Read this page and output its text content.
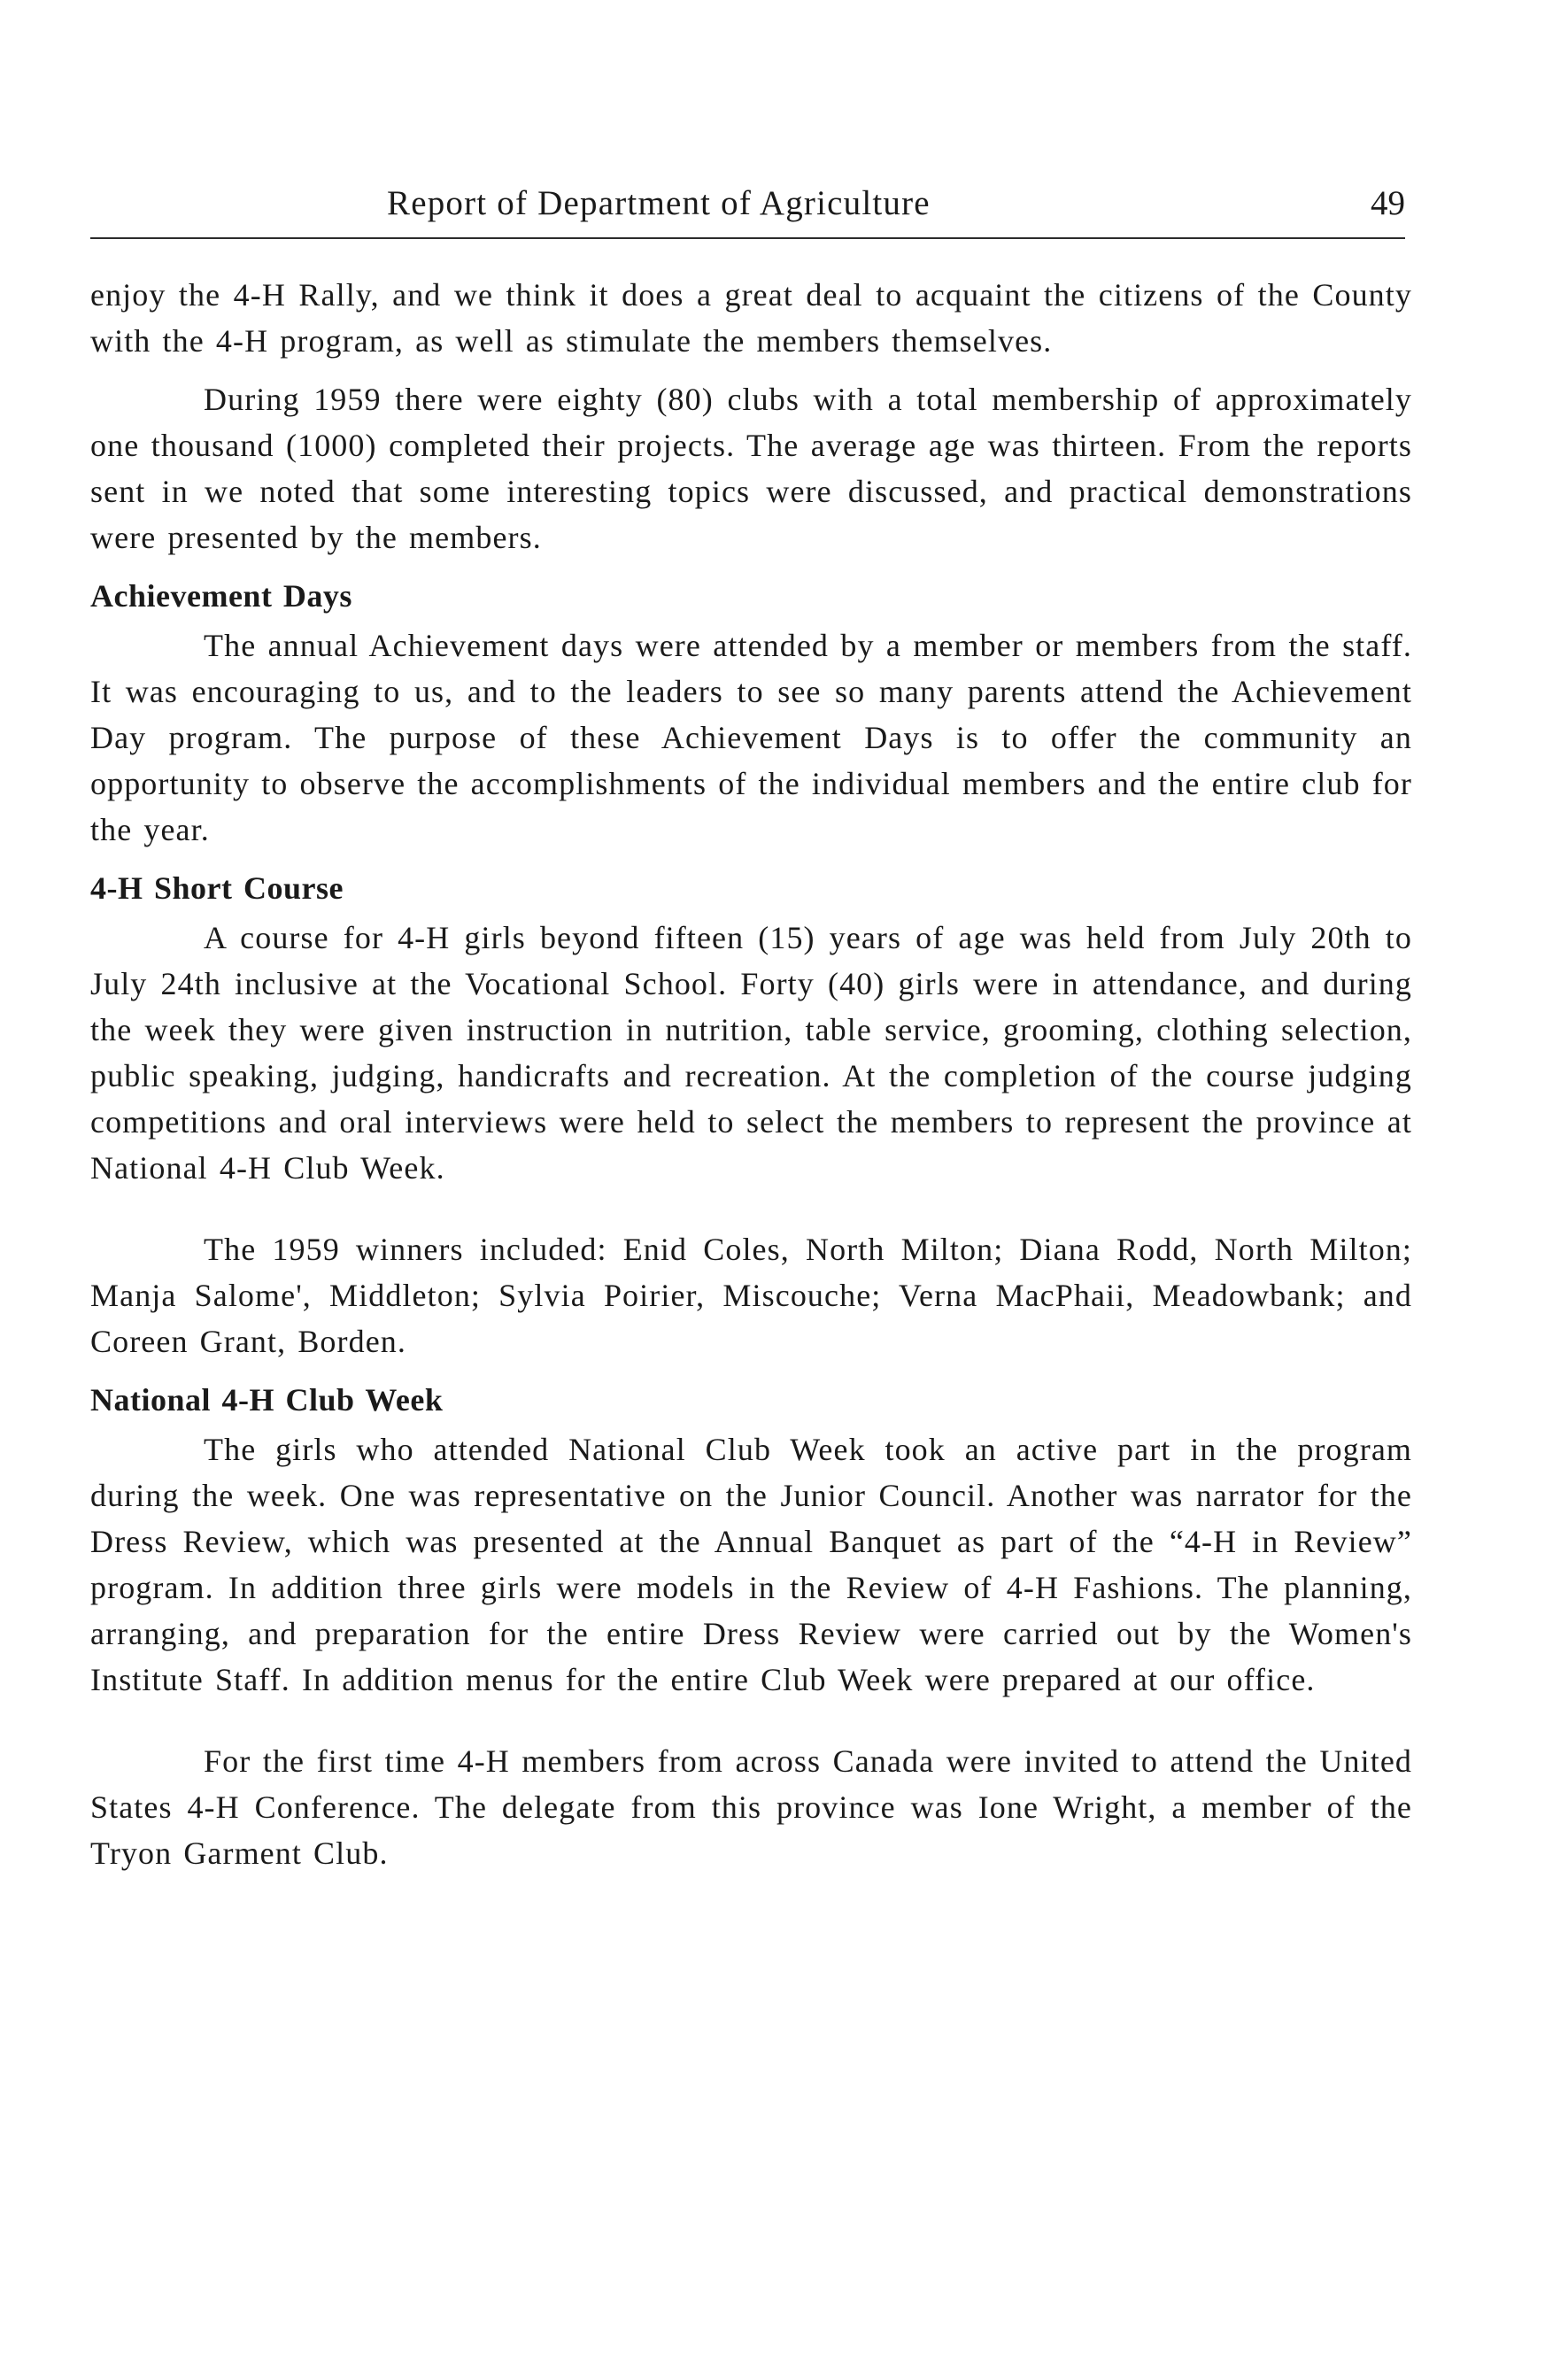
Report of Department of Agriculture	49

enjoy the 4-H Rally, and we think it does a great deal to acquaint the citizens of the County with the 4-H program, as well as stimulate the members themselves.

During 1959 there were eighty (80) clubs with a total membership of approximately one thousand (1000) completed their projects. The average age was thirteen. From the reports sent in we noted that some interesting topics were discussed, and practical demonstrations were presented by the members.

Achievement Days

The annual Achievement days were attended by a member or members from the staff. It was encouraging to us, and to the leaders to see so many parents attend the Achievement Day program. The purpose of these Achievement Days is to offer the community an opportunity to observe the accomplishments of the individual members and the entire club for the year.

4-H Short Course

A course for 4-H girls beyond fifteen (15) years of age was held from July 20th to July 24th inclusive at the Vocational School. Forty (40) girls were in attendance, and during the week they were given instruction in nutrition, table service, grooming, clothing selection, public speaking, judging, handicrafts and recreation. At the completion of the course judging competitions and oral interviews were held to select the members to represent the province at National 4-H Club Week.

The 1959 winners included: Enid Coles, North Milton; Diana Rodd, North Milton; Manja Salome', Middleton; Sylvia Poirier, Miscouche; Verna MacPhaii, Meadowbank; and Coreen Grant, Borden.

National 4-H Club Week

The girls who attended National Club Week took an active part in the program during the week. One was representative on the Junior Council. Another was narrator for the Dress Review, which was presented at the Annual Banquet as part of the “4-H in Review” program. In addition three girls were models in the Review of 4-H Fashions. The planning, arranging, and preparation for the entire Dress Review were carried out by the Women's Institute Staff. In addition menus for the entire Club Week were prepared at our office.

For the first time 4-H members from across Canada were invited to attend the United States 4-H Conference. The delegate from this province was Ione Wright, a member of the Tryon Garment Club.
